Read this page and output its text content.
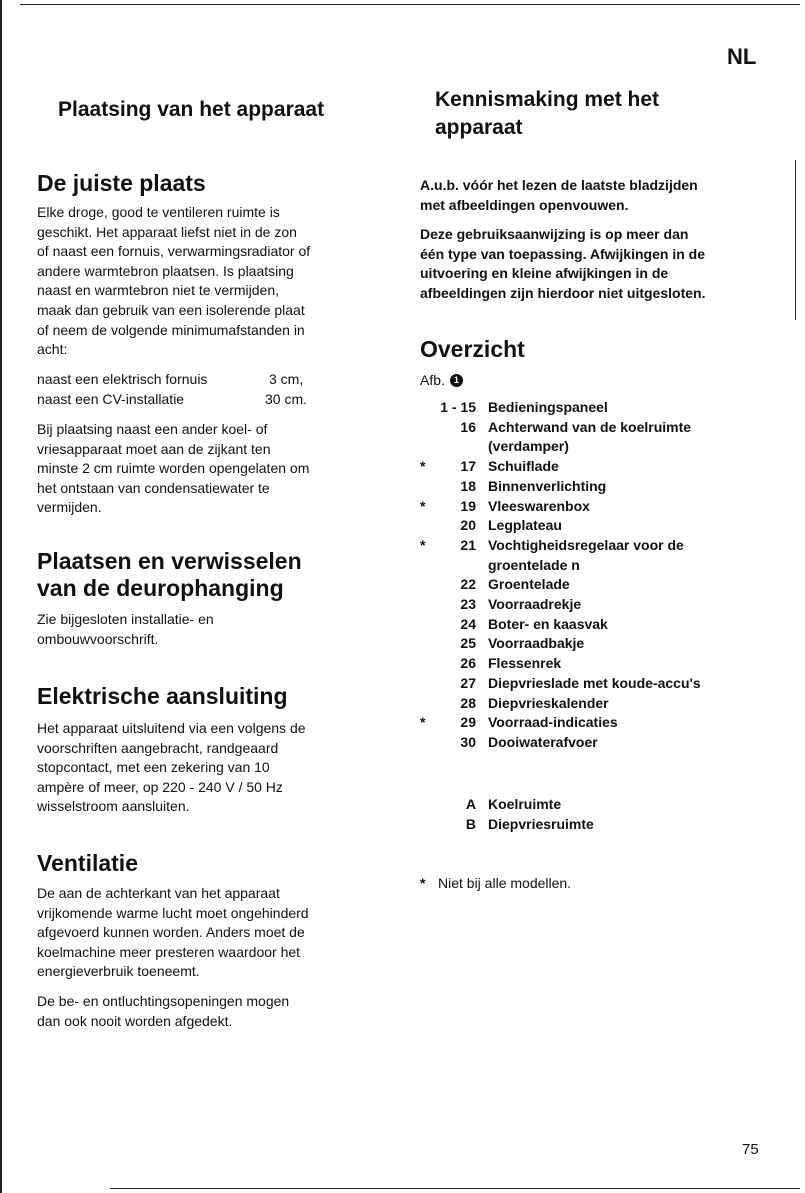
NL
Plaatsing van het apparaat
De juiste plaats

Elke droge, good te ventileren ruimte is

geschikt. Het apparaat liefst niet in de zon

of naast een fornuis, verwarmingsradiator of

andere warmtebron plaatsen. Is plaatsing

naast en warmtebron niet te vermijden,

maak dan gebruik van een isolerende plaat

of neem de volgende minimumafstanden in

acht:

naast een elektrisch fornuis	3 cm,
naast een CV-installatie	30 cm.

Bij plaatsing naast een ander koel- of

vriesapparaat moet aan de zijkant ten

minste 2 cm ruimte worden opengelaten om

het ontstaan van condensatiewater te

vermijden.

Plaatsen en verwisselen
van de deurophanging

Zie bijgesloten installatie- en

ombouwvoorschrift.

Elektrische aansluiting

Het apparaat uitsluitend via een volgens de

voorschriften aangebracht, randgeaard

stopcontact, met een zekering van 10

ampère of meer, op 220 - 240 V / 50 Hz

wisselstroom aansluiten.

Ventilatie

De aan de achterkant van het apparaat

vrijkomende warme lucht moet ongehinderd

afgevoerd kunnen worden. Anders moet de

koelmachine meer presteren waardoor het

energieverbruik toeneemt.

De be- en ontluchtingsopeningen mogen

dan ook nooit worden afgedekt.

Kennismaking met het
apparaat

A.u.b. vóór het lezen de laatste bladzijden

met afbeeldingen openvouwen.

Deze gebruiksaanwijzing is op meer dan

één type van toepassing. Afwijkingen in de

uitvoering en kleine afwijkingen in de

afbeeldingen zijn hierdoor niet uitgesloten.

Overzicht
Afb. 1
1 - 15 Bedieningspaneel
16 Achterwand van de koelruimte
(verdamper)
*	17 Schuiflade
18 Binnenverlichting
*	19 Vleeswarenbox
20 Legplateau
*	21 Vochtigheidsregelaar voor de
groentelade n
22 Groentelade
23 Voorraadrekje
24 Boter- en kaasvak
25 Voorraadbakje
26 Flessenrek
27 Diepvrieslade met koude-accu's
28 Diepvrieskalender
*	29 Voorraad-indicaties
30 Dooiwaterafvoer
A Koelruimte
B Diepvriesruimte
* Niet bij alle modellen.
75
